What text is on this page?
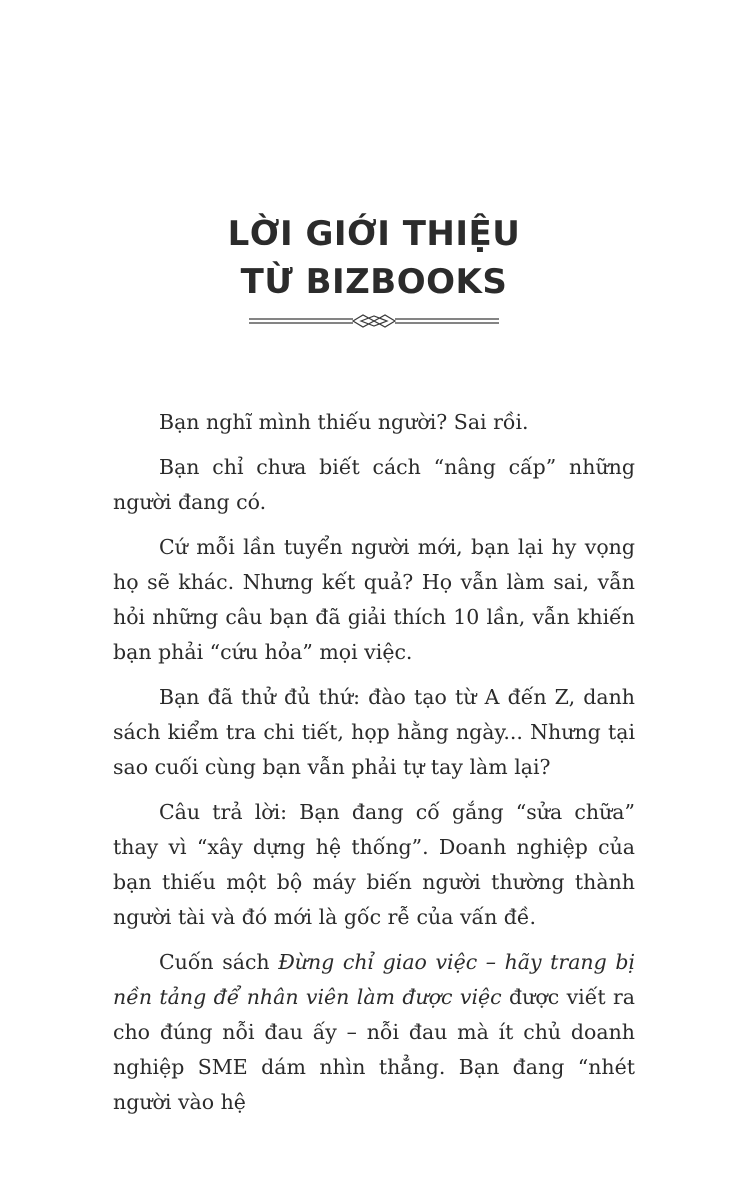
LỜI GIỚI THIỆU
TỪ BIZBOOKS

Bạn nghĩ mình thiếu người? Sai rồi.

Bạn chỉ chưa biết cách “nâng cấp” những người đang có.

Cứ mỗi lần tuyển người mới, bạn lại hy vọng họ sẽ khác. Nhưng kết quả? Họ vẫn làm sai, vẫn hỏi những câu bạn đã giải thích 10 lần, vẫn khiến bạn phải “cứu hỏa” mọi việc.

Bạn đã thử đủ thứ: đào tạo từ A đến Z, danh sách kiểm tra chi tiết, họp hằng ngày... Nhưng tại sao cuối cùng bạn vẫn phải tự tay làm lại?

Câu trả lời: Bạn đang cố gắng “sửa chữa” thay vì “xây dựng hệ thống”. Doanh nghiệp của bạn thiếu một bộ máy biến người thường thành người tài và đó mới là gốc rễ của vấn đề.

Cuốn sách Đừng chỉ giao việc – hãy trang bị nền tảng để nhân viên làm được việc được viết ra cho đúng nỗi đau ấy – nỗi đau mà ít chủ doanh nghiệp SME dám nhìn thẳng. Bạn đang “nhét người vào hệ
